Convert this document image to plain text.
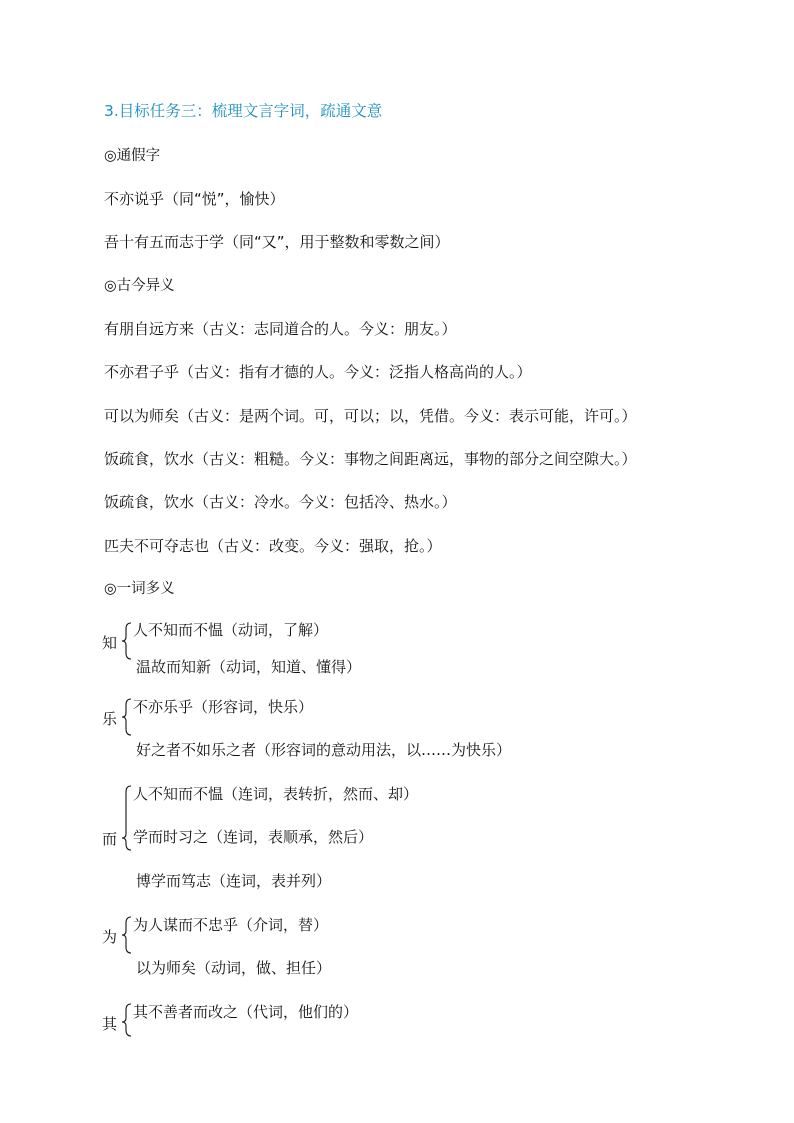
3.目标任务三：梳理文言字词，疏通文意
◎通假字
不亦说乎（同“悦”，愉快）
吾十有五而志于学（同“又”，用于整数和零数之间）
◎古今异义
有朋自远方来（古义：志同道合的人。今义：朋友。）
不亦君子乎（古义：指有才德的人。今义：泛指人格高尚的人。）
可以为师矣（古义：是两个词。可，可以；以，凭借。今义：表示可能，许可。）
饭疏食，饮水（古义：粗糙。今义：事物之间距离远，事物的部分之间空隙大。）
饭疏食，饮水（古义：冷水。今义：包括冷、热水。）
匹夫不可夺志也（古义：改变。今义：强取，抢。）
◎一词多义
知
人不知而不愠（动词，了解）
温故而知新（动词，知道、懂得）
乐
不亦乐乎（形容词，快乐）
好之者不如乐之者（形容词的意动用法，以……为快乐）
而
人不知而不愠（连词，表转折，然而、却）
学而时习之（连词，表顺承，然后）
博学而笃志（连词，表并列）
为
为人谋而不忠乎（介词，替）
以为师矣（动词，做、担任）
其
其不善者而改之（代词，他们的）
